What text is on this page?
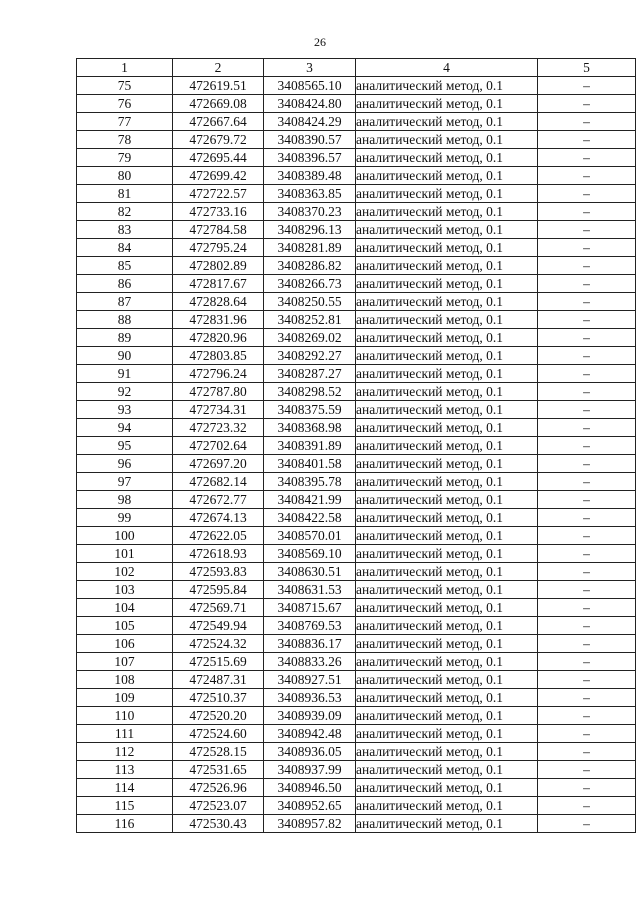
26
1	2	3	4	5
75	472619.51	3408565.10	аналитический метод, 0.1	–
76	472669.08	3408424.80	аналитический метод, 0.1	–
77	472667.64	3408424.29	аналитический метод, 0.1	–
78	472679.72	3408390.57	аналитический метод, 0.1	–
79	472695.44	3408396.57	аналитический метод, 0.1	–
80	472699.42	3408389.48	аналитический метод, 0.1	–
81	472722.57	3408363.85	аналитический метод, 0.1	–
82	472733.16	3408370.23	аналитический метод, 0.1	–
83	472784.58	3408296.13	аналитический метод, 0.1	–
84	472795.24	3408281.89	аналитический метод, 0.1	–
85	472802.89	3408286.82	аналитический метод, 0.1	–
86	472817.67	3408266.73	аналитический метод, 0.1	–
87	472828.64	3408250.55	аналитический метод, 0.1	–
88	472831.96	3408252.81	аналитический метод, 0.1	–
89	472820.96	3408269.02	аналитический метод, 0.1	–
90	472803.85	3408292.27	аналитический метод, 0.1	–
91	472796.24	3408287.27	аналитический метод, 0.1	–
92	472787.80	3408298.52	аналитический метод, 0.1	–
93	472734.31	3408375.59	аналитический метод, 0.1	–
94	472723.32	3408368.98	аналитический метод, 0.1	–
95	472702.64	3408391.89	аналитический метод, 0.1	–
96	472697.20	3408401.58	аналитический метод, 0.1	–
97	472682.14	3408395.78	аналитический метод, 0.1	–
98	472672.77	3408421.99	аналитический метод, 0.1	–
99	472674.13	3408422.58	аналитический метод, 0.1	–
100	472622.05	3408570.01	аналитический метод, 0.1	–
101	472618.93	3408569.10	аналитический метод, 0.1	–
102	472593.83	3408630.51	аналитический метод, 0.1	–
103	472595.84	3408631.53	аналитический метод, 0.1	–
104	472569.71	3408715.67	аналитический метод, 0.1	–
105	472549.94	3408769.53	аналитический метод, 0.1	–
106	472524.32	3408836.17	аналитический метод, 0.1	–
107	472515.69	3408833.26	аналитический метод, 0.1	–
108	472487.31	3408927.51	аналитический метод, 0.1	–
109	472510.37	3408936.53	аналитический метод, 0.1	–
110	472520.20	3408939.09	аналитический метод, 0.1	–
111	472524.60	3408942.48	аналитический метод, 0.1	–
112	472528.15	3408936.05	аналитический метод, 0.1	–
113	472531.65	3408937.99	аналитический метод, 0.1	–
114	472526.96	3408946.50	аналитический метод, 0.1	–
115	472523.07	3408952.65	аналитический метод, 0.1	–
116	472530.43	3408957.82	аналитический метод, 0.1	–
